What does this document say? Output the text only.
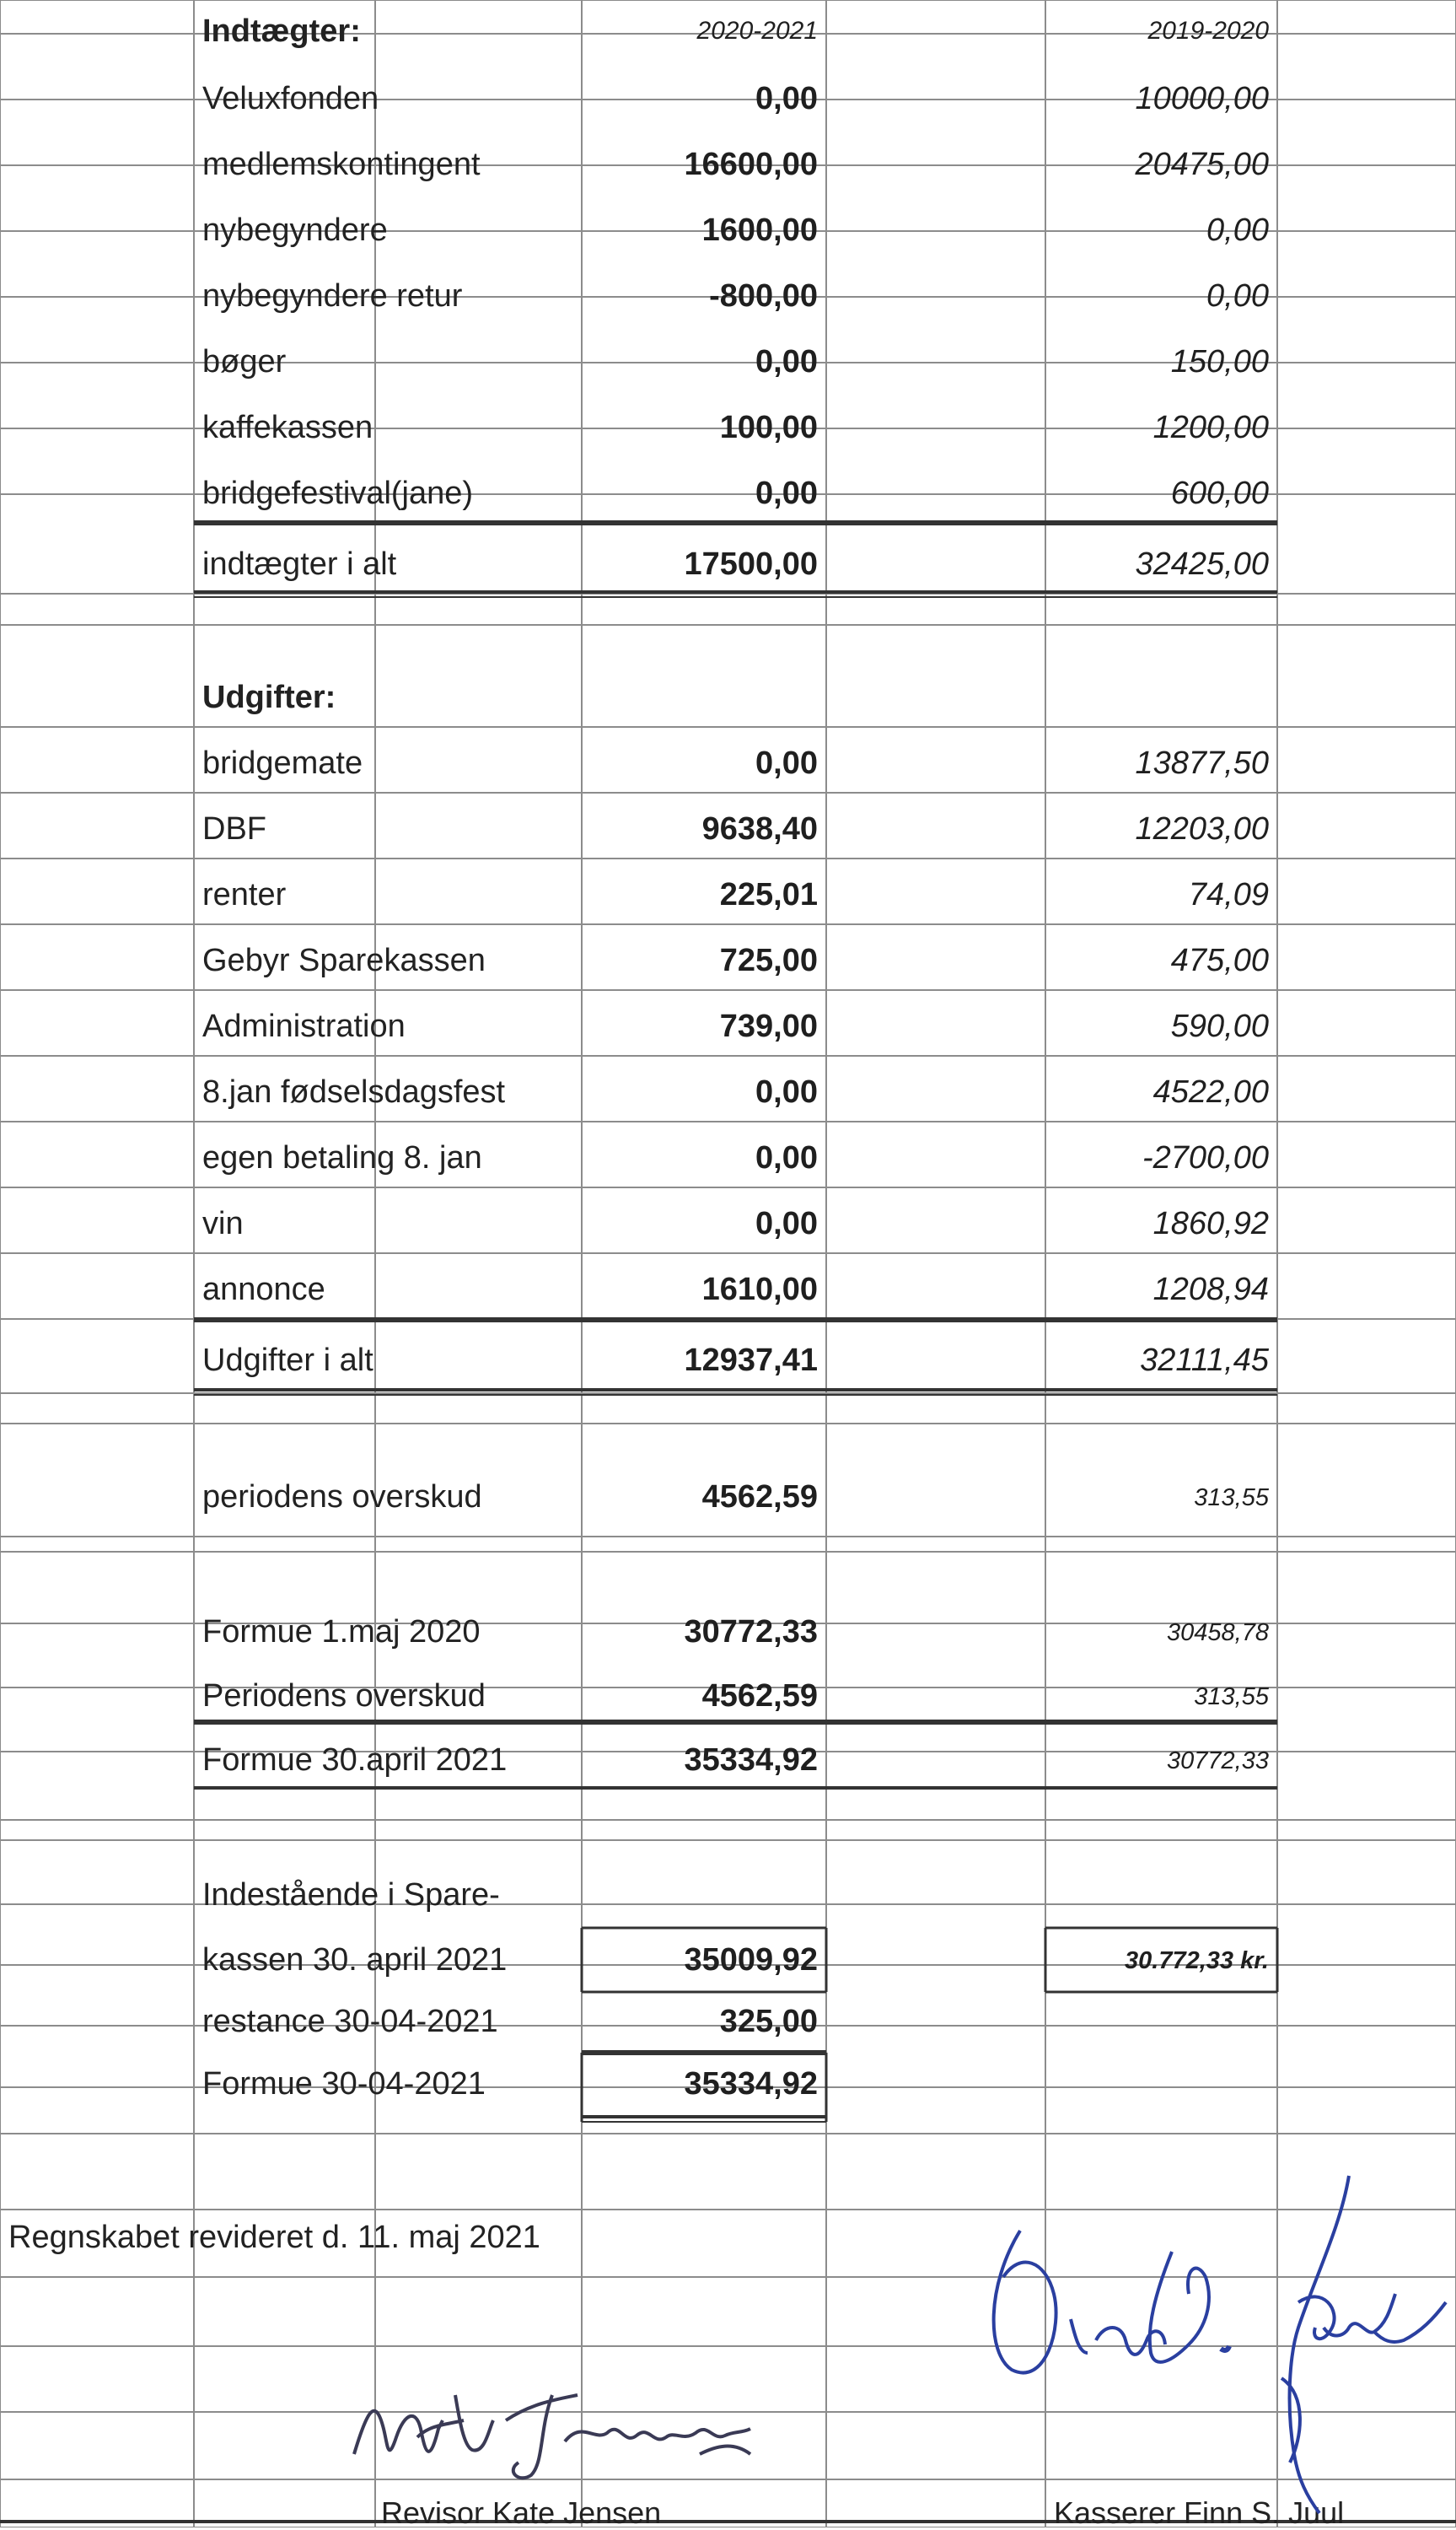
Indtægter:	2020-2021	2019-2020
Veluxfonden	0,00	10000,00
medlemskontingent	16600,00	20475,00
nybegyndere	1600,00	0,00
nybegyndere retur	-800,00	0,00
bøger	0,00	150,00
kaffekassen	100,00	1200,00
bridgefestival(jane)	0,00	600,00
indtægter i alt	17500,00	32425,00
Udgifter:
bridgemate	0,00	13877,50
DBF	9638,40	12203,00
renter	225,01	74,09
Gebyr Sparekassen	725,00	475,00
Administration	739,00	590,00
8.jan fødselsdagsfest	0,00	4522,00
egen betaling 8. jan	0,00	-2700,00
vin	0,00	1860,92
annonce	1610,00	1208,94
Udgifter i alt	12937,41	32111,45
periodens overskud	4562,59	313,55
Formue 1.maj 2020	30772,33	30458,78
Periodens overskud	4562,59	313,55
Formue 30.april 2021	35334,92	30772,33
Indestående i Spare-
kassen 30. april 2021	35009,92	30.772,33 kr.
restance 30-04-2021	325,00
Formue 30-04-2021	35334,92
Regnskabet revideret d. 11. maj 2021
Revisor Kate Jensen	Kasserer Finn S. Juul
